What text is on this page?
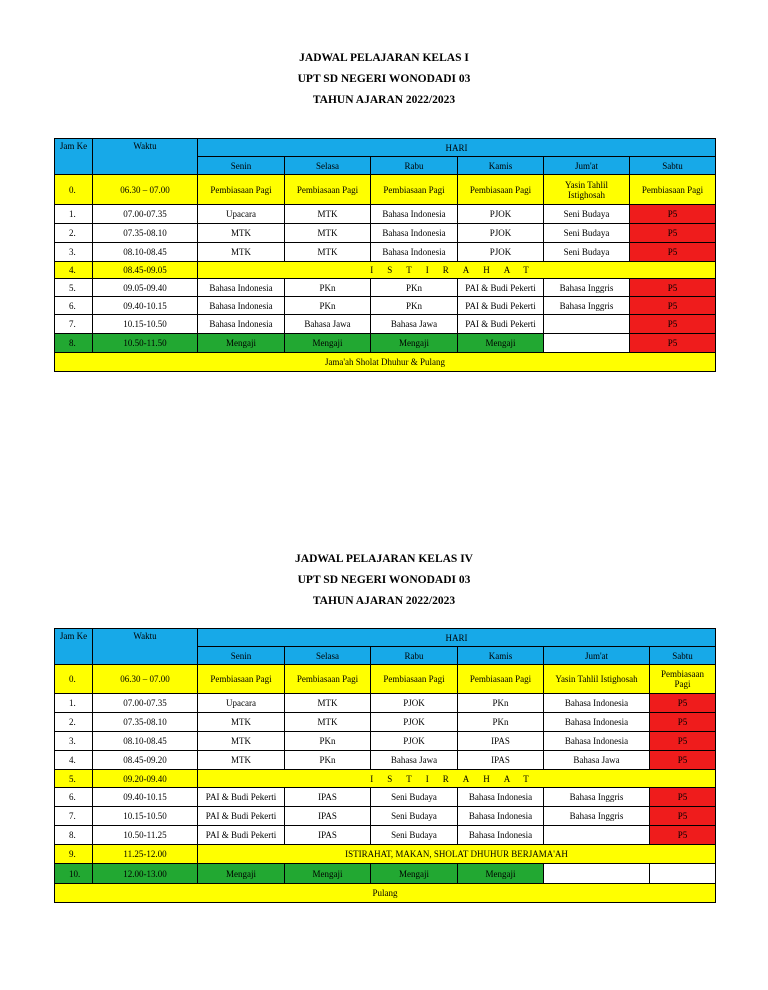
JADWAL PELAJARAN KELAS I
UPT SD NEGERI WONODADI 03
TAHUN AJARAN 2022/2023
Jam Ke	Waktu	HARI					
		Senin	Selasa	Rabu	Kamis	Jum'at	Sabtu
0.	06.30 – 07.00	Pembiasaan Pagi	Pembiasaan Pagi	Pembiasaan Pagi	Pembiasaan Pagi	Yasin Tahlil Istighosah	Pembiasaan Pagi
1.	07.00-07.35	Upacara	MTK	Bahasa Indonesia	PJOK	Seni Budaya	P5
2.	07.35-08.10	MTK	MTK	Bahasa Indonesia	PJOK	Seni Budaya	P5
3.	08.10-08.45	MTK	MTK	Bahasa Indonesia	PJOK	Seni Budaya	P5
4.	08.45-09.05	ISTIRAHAT					
5.	09.05-09.40	Bahasa Indonesia	PKn	PKn	PAI & Budi Pekerti	Bahasa Inggris	P5
6.	09.40-10.15	Bahasa Indonesia	PKn	PKn	PAI & Budi Pekerti	Bahasa Inggris	P5
7.	10.15-10.50	Bahasa Indonesia	Bahasa Jawa	Bahasa Jawa	PAI & Budi Pekerti		P5
8.	10.50-11.50	Mengaji	Mengaji	Mengaji	Mengaji		P5
Jama'ah Sholat Dhuhur & Pulang							
JADWAL PELAJARAN KELAS IV
UPT SD NEGERI WONODADI 03
TAHUN AJARAN 2022/2023
Jam Ke	Waktu	HARI					
		Senin	Selasa	Rabu	Kamis	Jum'at	Sabtu
0.	06.30 – 07.00	Pembiasaan Pagi	Pembiasaan Pagi	Pembiasaan Pagi	Pembiasaan Pagi	Yasin Tahlil Istighosah	Pembiasaan Pagi
1.	07.00-07.35	Upacara	MTK	PJOK	PKn	Bahasa Indonesia	P5
2.	07.35-08.10	MTK	MTK	PJOK	PKn	Bahasa Indonesia	P5
3.	08.10-08.45	MTK	PKn	PJOK	IPAS	Bahasa Indonesia	P5
4.	08.45-09.20	MTK	PKn	Bahasa Jawa	IPAS	Bahasa Jawa	P5
5.	09.20-09.40	ISTIRAHAT					
6.	09.40-10.15	PAI & Budi Pekerti	IPAS	Seni Budaya	Bahasa Indonesia	Bahasa Inggris	P5
7.	10.15-10.50	PAI & Budi Pekerti	IPAS	Seni Budaya	Bahasa Indonesia	Bahasa Inggris	P5
8.	10.50-11.25	PAI & Budi Pekerti	IPAS	Seni Budaya	Bahasa Indonesia		P5
9.	11.25-12.00	ISTIRAHAT, MAKAN, SHOLAT DHUHUR BERJAMA'AH					
10.	12.00-13.00	Mengaji	Mengaji	Mengaji	Mengaji		
Pulang							
